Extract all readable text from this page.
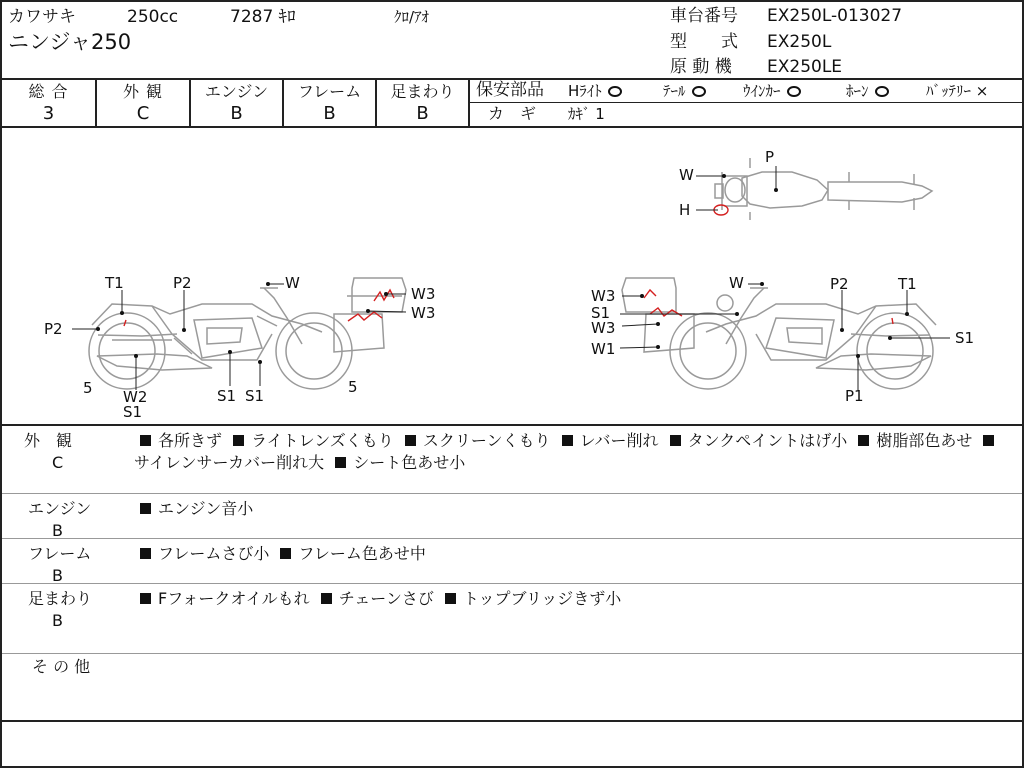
カワサキ	250cc	7287 ｷﾛ	ｸﾛ/ｱｵ
ニンジャ250
車台番号 EX250L-013027
型　　式 EX250L
原 動 機 EX250LE
総 合
3
外 観
C
エンジン
B
フレーム
B
足まわり
B
保安部品 Hﾗｲﾄ	ﾃｰﾙ	ｳｲﾝｶｰ	ﾎｰﾝ	ﾊﾞｯﾃﾘｰ ×
カ　ギ ｶｷﾞ 1
W
H
P
T1	P2	W
W3
W3
P2
5 W2
S1
S1 S1	5
W	P2	T1
W3
S1
W3
W1
S1
P1
外　観
C
各所きず ライトレンズくもり スクリーンくもり レバー削れ タンクペイントはげ小 樹脂部色あせ サイレンサーカバー削れ大 シート色あせ小
エンジン
B
エンジン音小
フレーム
B
フレームさび小 フレーム色あせ中
足まわり
B
Fフォークオイルもれ チェーンさび トップブリッジきず小
そ の 他
